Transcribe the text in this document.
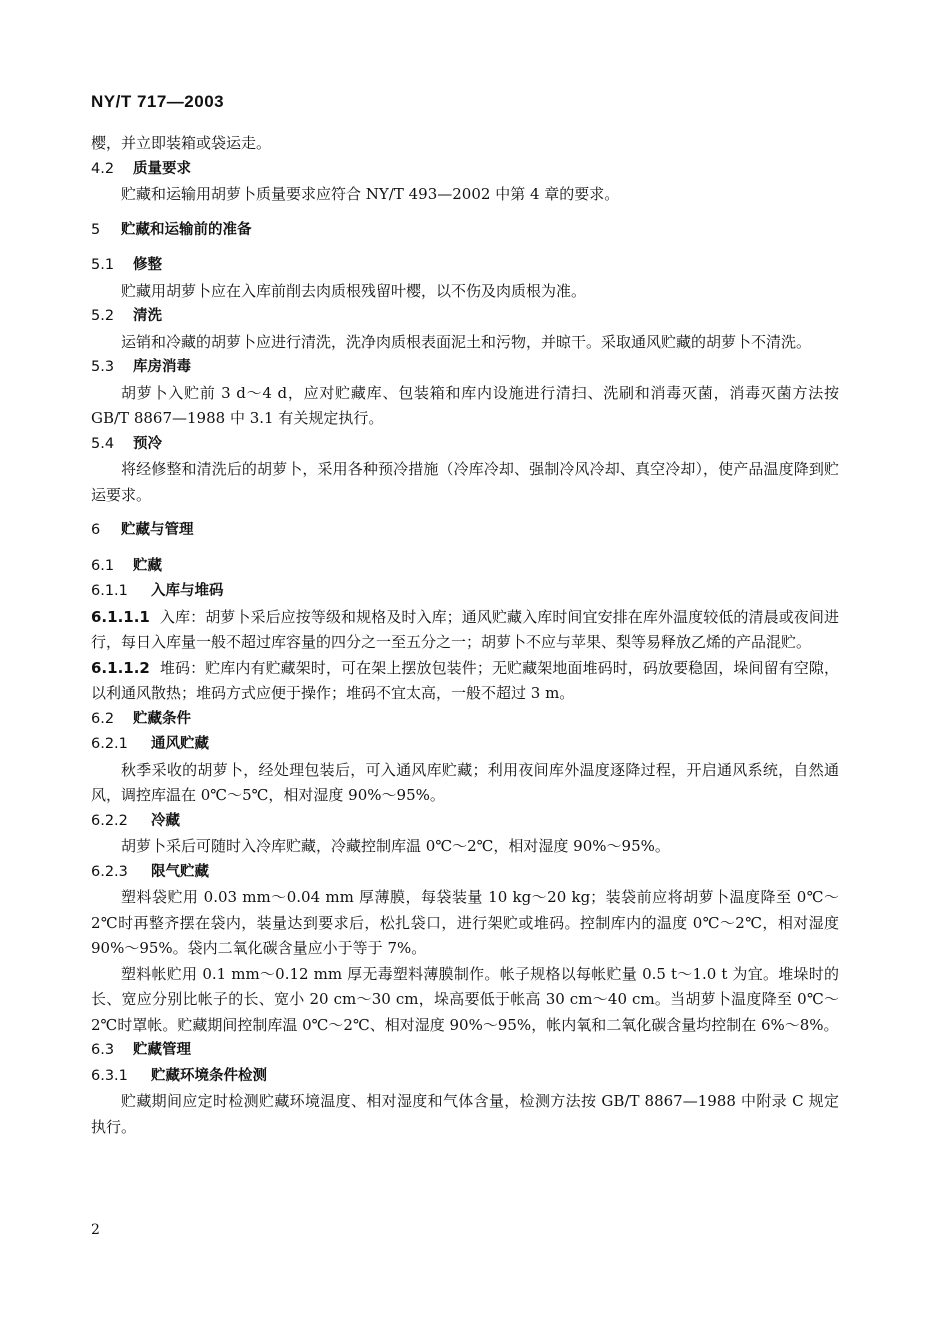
NY/T 717—2003
樱，并立即装箱或袋运走。
4.2 质量要求
贮藏和运输用胡萝卜质量要求应符合 NY/T 493—2002 中第 4 章的要求。
5 贮藏和运输前的准备
5.1 修整
贮藏用胡萝卜应在入库前削去肉质根残留叶樱，以不伤及肉质根为准。
5.2 清洗
运销和冷藏的胡萝卜应进行清洗，洗净肉质根表面泥土和污物，并晾干。采取通风贮藏的胡萝卜不清洗。
5.3 库房消毒
胡萝卜入贮前 3 d～4 d，应对贮藏库、包装箱和库内设施进行清扫、洗刷和消毒灭菌，消毒灭菌方法按 GB/T 8867—1988 中 3.1 有关规定执行。
5.4 预冷
将经修整和清洗后的胡萝卜，采用各种预冷措施（冷库冷却、强制冷风冷却、真空冷却），使产品温度降到贮运要求。
6 贮藏与管理
6.1 贮藏
6.1.1 入库与堆码
6.1.1.1 入库：胡萝卜采后应按等级和规格及时入库；通风贮藏入库时间宜安排在库外温度较低的清晨或夜间进行，每日入库量一般不超过库容量的四分之一至五分之一；胡萝卜不应与苹果、梨等易释放乙烯的产品混贮。
6.1.1.2 堆码：贮库内有贮藏架时，可在架上摆放包装件；无贮藏架地面堆码时，码放要稳固，垛间留有空隙，以利通风散热；堆码方式应便于操作；堆码不宜太高，一般不超过 3 m。
6.2 贮藏条件
6.2.1 通风贮藏
秋季采收的胡萝卜，经处理包装后，可入通风库贮藏；利用夜间库外温度逐降过程，开启通风系统，自然通风，调控库温在 0℃～5℃，相对湿度 90%～95%。
6.2.2 冷藏
胡萝卜采后可随时入冷库贮藏，冷藏控制库温 0℃～2℃，相对湿度 90%～95%。
6.2.3 限气贮藏
塑料袋贮用 0.03 mm～0.04 mm 厚薄膜，每袋装量 10 kg～20 kg；装袋前应将胡萝卜温度降至 0℃～2℃时再整齐摆在袋内，装量达到要求后，松扎袋口，进行架贮或堆码。控制库内的温度 0℃～2℃，相对湿度 90%～95%。袋内二氧化碳含量应小于等于 7%。
塑料帐贮用 0.1 mm～0.12 mm 厚无毒塑料薄膜制作。帐子规格以每帐贮量 0.5 t～1.0 t 为宜。堆垛时的长、宽应分别比帐子的长、宽小 20 cm～30 cm，垛高要低于帐高 30 cm～40 cm。当胡萝卜温度降至 0℃～2℃时罩帐。贮藏期间控制库温 0℃～2℃、相对湿度 90%～95%，帐内氧和二氧化碳含量均控制在 6%～8%。
6.3 贮藏管理
6.3.1 贮藏环境条件检测
贮藏期间应定时检测贮藏环境温度、相对湿度和气体含量，检测方法按 GB/T 8867—1988 中附录 C 规定执行。
2
